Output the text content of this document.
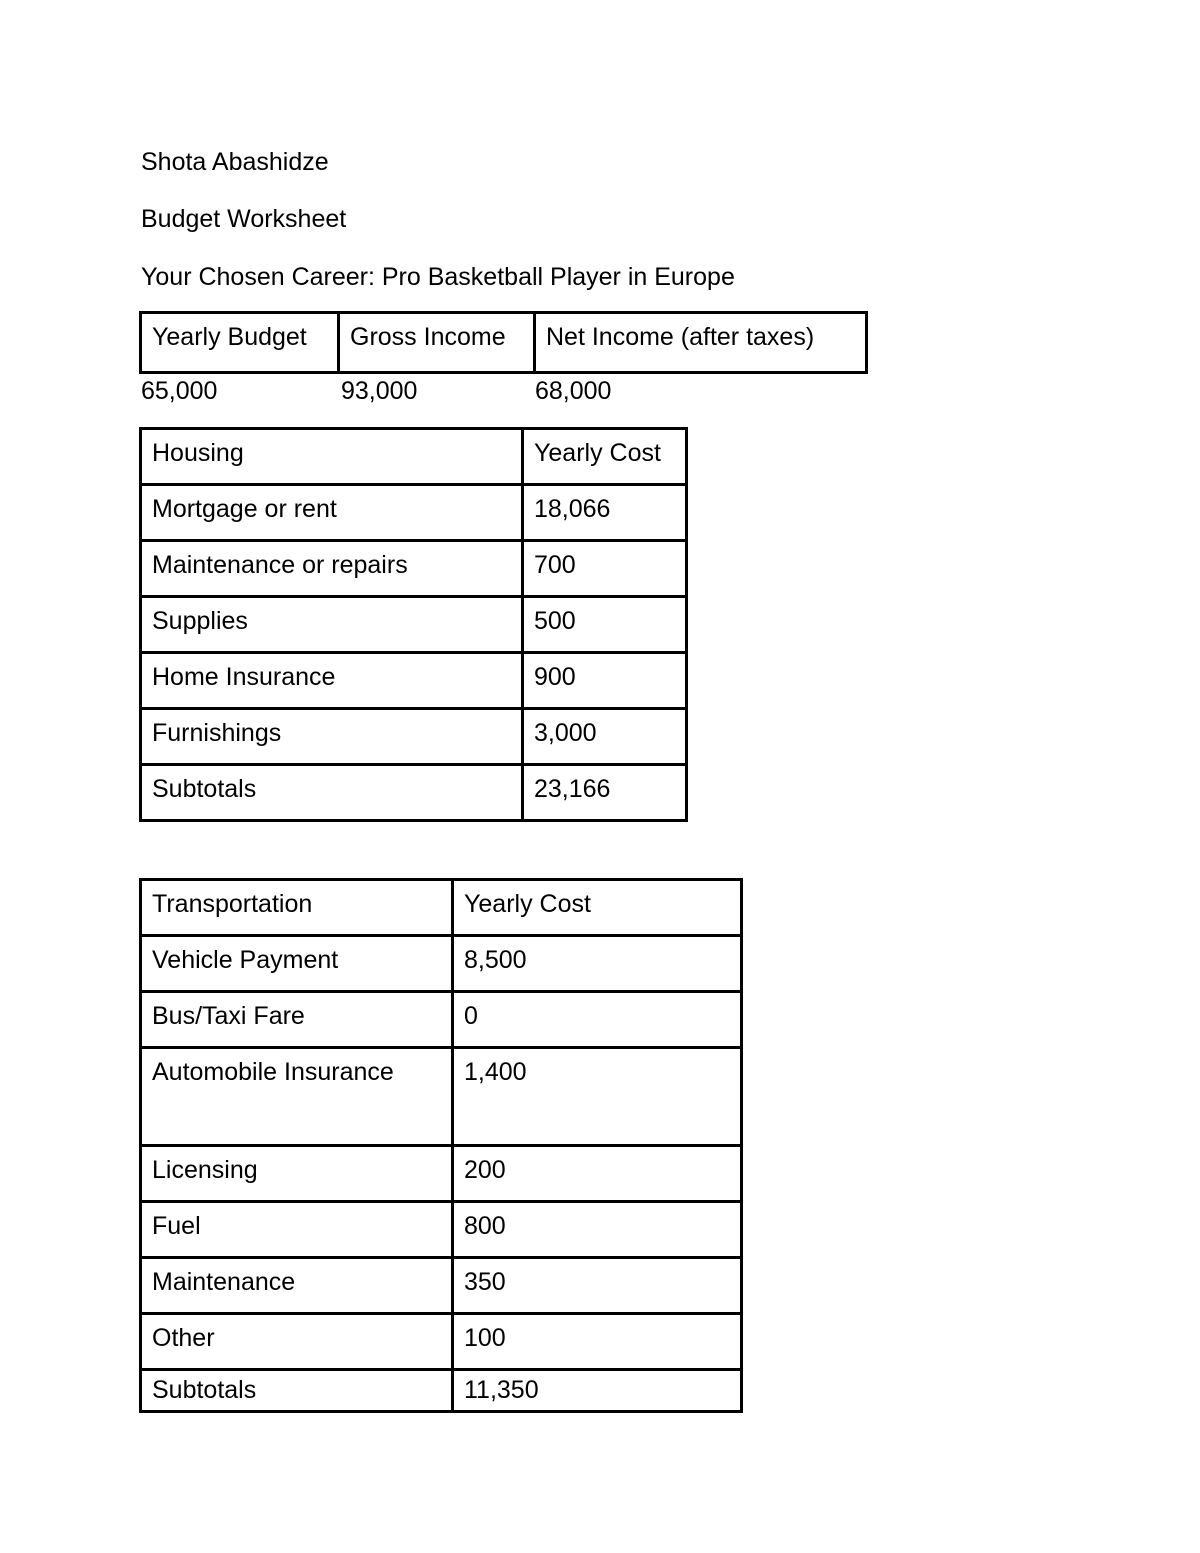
Shota Abashidze
Budget Worksheet
Your Chosen Career: Pro Basketball Player in Europe
Yearly Budget	Gross Income	Net Income (after taxes)
65,000	93,000	68,000
Housing	Yearly Cost
Mortgage or rent	18,066
Maintenance or repairs	700
Supplies	500
Home Insurance	900
Furnishings	3,000
Subtotals	23,166
Transportation	Yearly Cost
Vehicle Payment	8,500
Bus/Taxi Fare	0
Automobile Insurance	1,400
Licensing	200
Fuel	800
Maintenance	350
Other	100
Subtotals	11,350
